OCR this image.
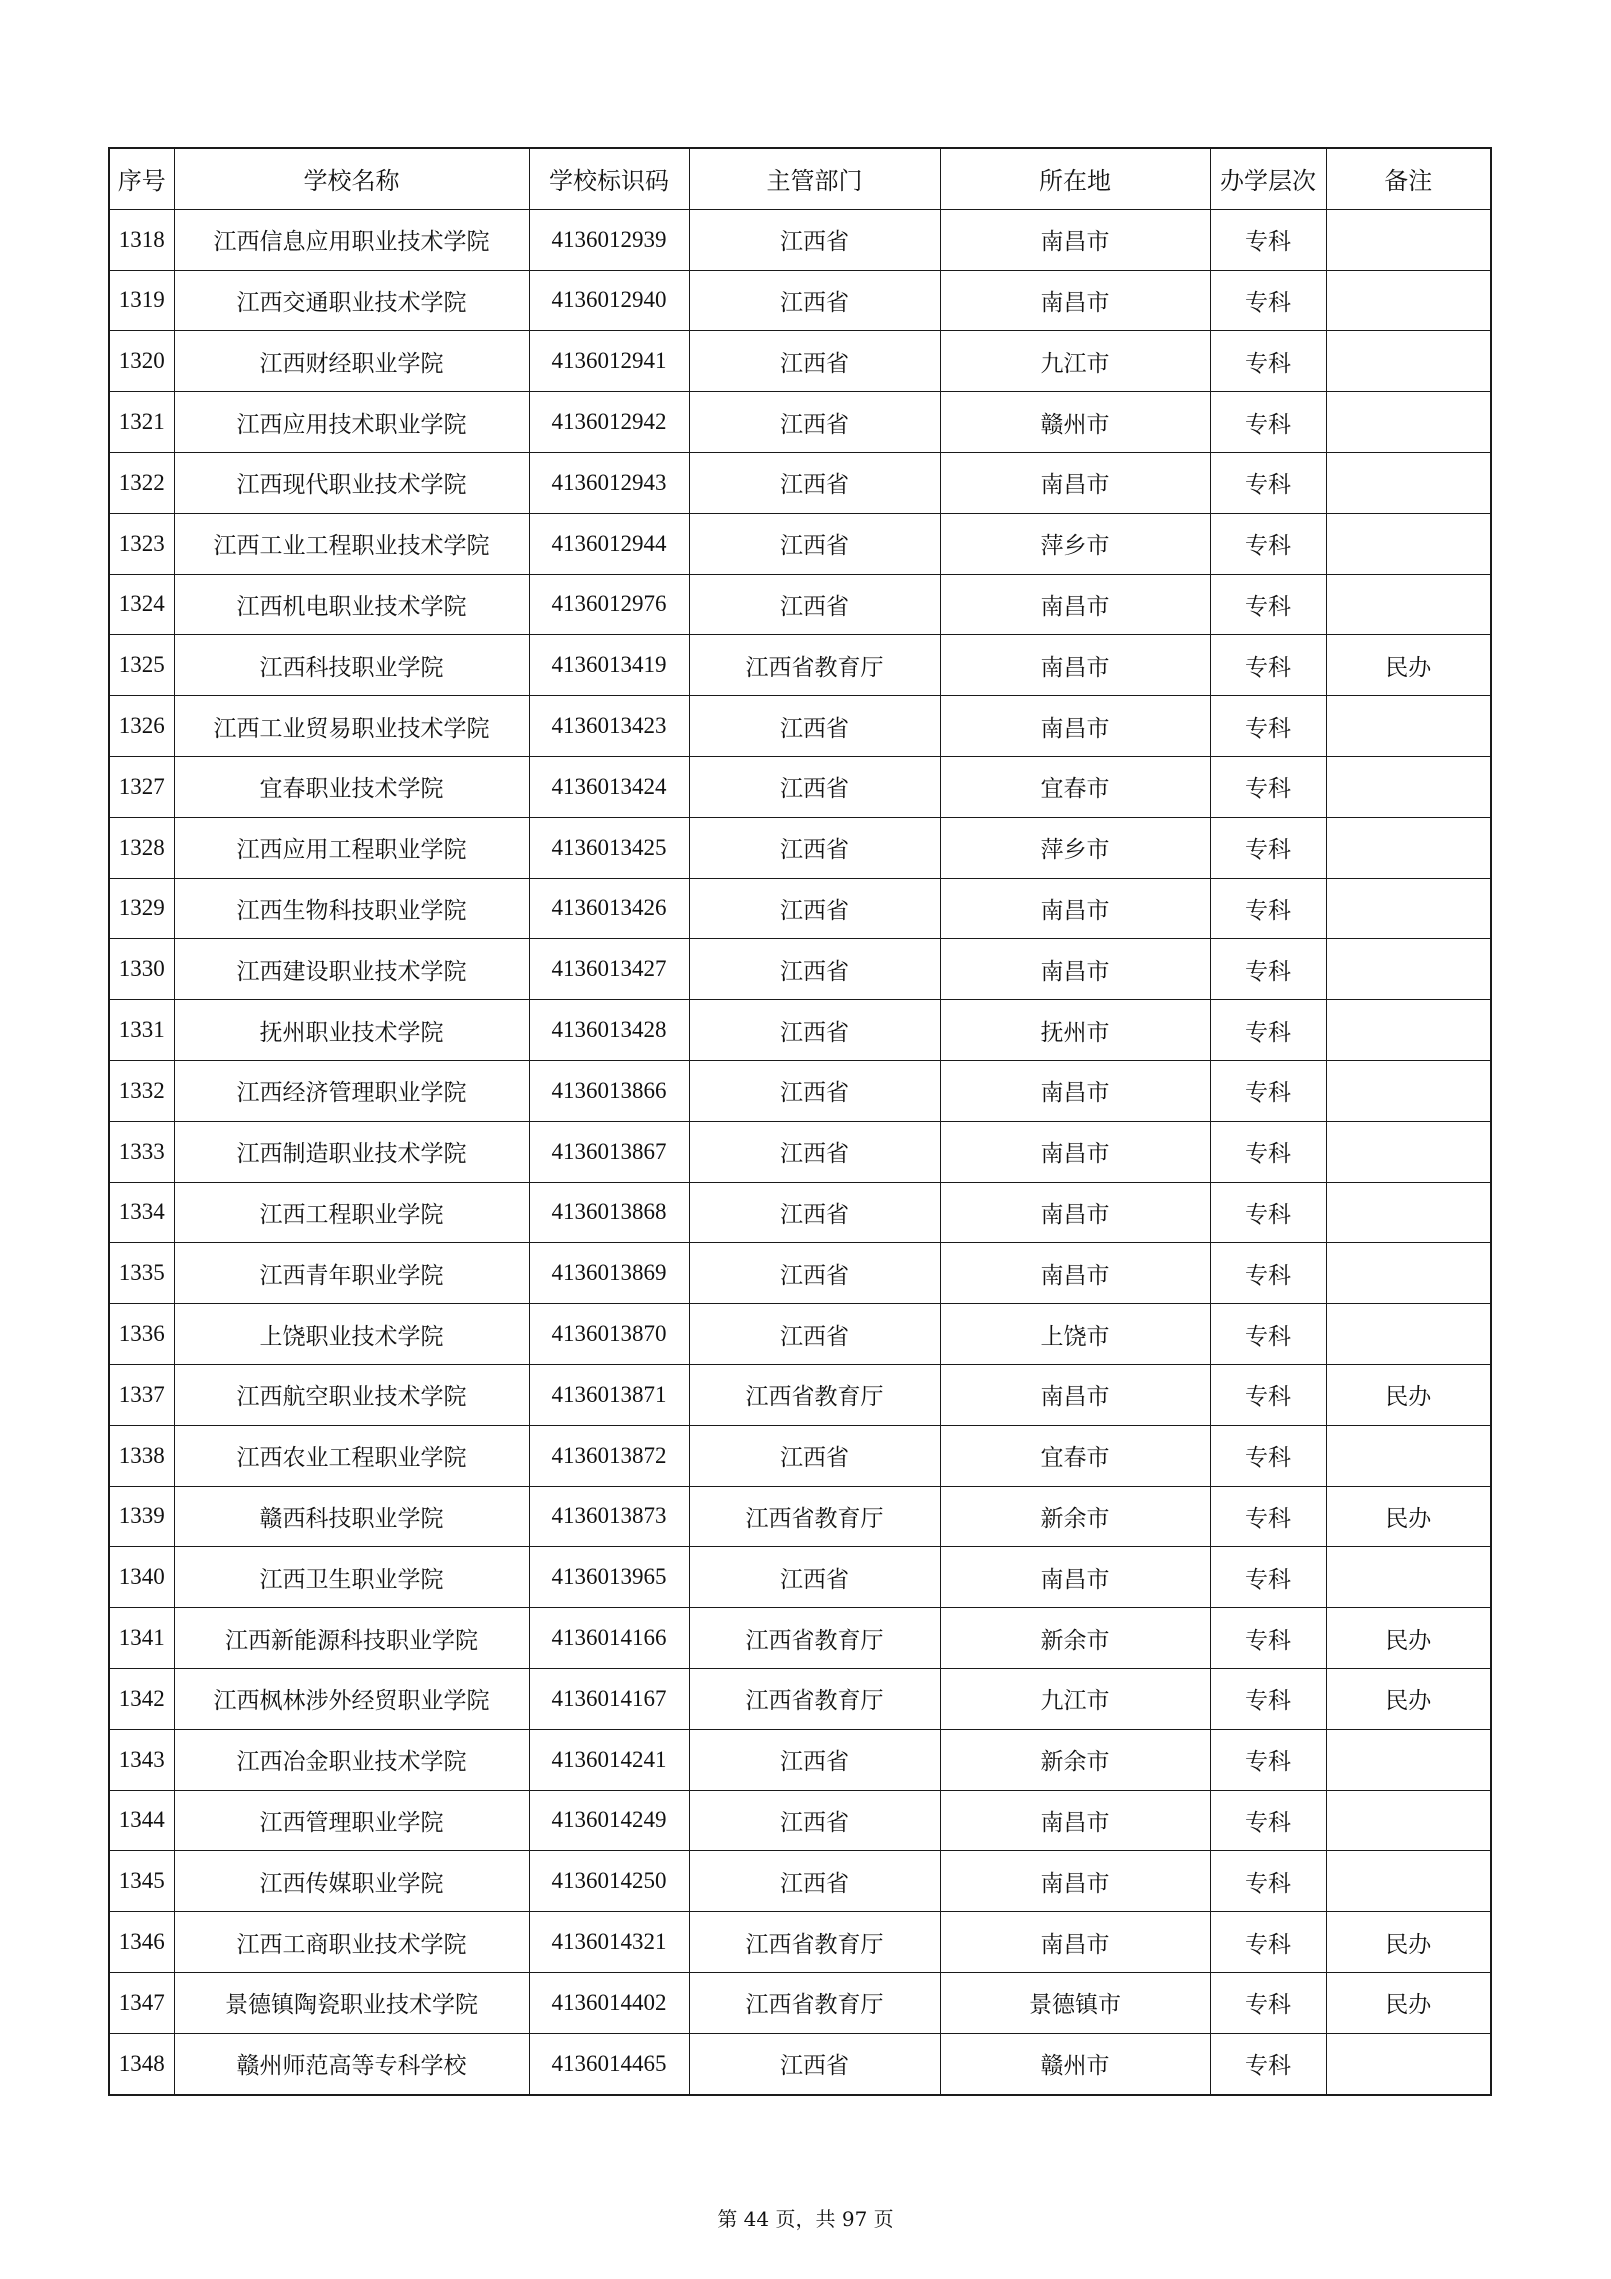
序号	学校名称	学校标识码	主管部门	所在地	办学层次	备注
1318	江西信息应用职业技术学院	4136012939	江西省	南昌市	专科	
1319	江西交通职业技术学院	4136012940	江西省	南昌市	专科	
1320	江西财经职业学院	4136012941	江西省	九江市	专科	
1321	江西应用技术职业学院	4136012942	江西省	赣州市	专科	
1322	江西现代职业技术学院	4136012943	江西省	南昌市	专科	
1323	江西工业工程职业技术学院	4136012944	江西省	萍乡市	专科	
1324	江西机电职业技术学院	4136012976	江西省	南昌市	专科	
1325	江西科技职业学院	4136013419	江西省教育厅	南昌市	专科	民办
1326	江西工业贸易职业技术学院	4136013423	江西省	南昌市	专科	
1327	宜春职业技术学院	4136013424	江西省	宜春市	专科	
1328	江西应用工程职业学院	4136013425	江西省	萍乡市	专科	
1329	江西生物科技职业学院	4136013426	江西省	南昌市	专科	
1330	江西建设职业技术学院	4136013427	江西省	南昌市	专科	
1331	抚州职业技术学院	4136013428	江西省	抚州市	专科	
1332	江西经济管理职业学院	4136013866	江西省	南昌市	专科	
1333	江西制造职业技术学院	4136013867	江西省	南昌市	专科	
1334	江西工程职业学院	4136013868	江西省	南昌市	专科	
1335	江西青年职业学院	4136013869	江西省	南昌市	专科	
1336	上饶职业技术学院	4136013870	江西省	上饶市	专科	
1337	江西航空职业技术学院	4136013871	江西省教育厅	南昌市	专科	民办
1338	江西农业工程职业学院	4136013872	江西省	宜春市	专科	
1339	赣西科技职业学院	4136013873	江西省教育厅	新余市	专科	民办
1340	江西卫生职业学院	4136013965	江西省	南昌市	专科	
1341	江西新能源科技职业学院	4136014166	江西省教育厅	新余市	专科	民办
1342	江西枫林涉外经贸职业学院	4136014167	江西省教育厅	九江市	专科	民办
1343	江西冶金职业技术学院	4136014241	江西省	新余市	专科	
1344	江西管理职业学院	4136014249	江西省	南昌市	专科	
1345	江西传媒职业学院	4136014250	江西省	南昌市	专科	
1346	江西工商职业技术学院	4136014321	江西省教育厅	南昌市	专科	民办
1347	景德镇陶瓷职业技术学院	4136014402	江西省教育厅	景德镇市	专科	民办
1348	赣州师范高等专科学校	4136014465	江西省	赣州市	专科	
第 44 页，共 97 页
